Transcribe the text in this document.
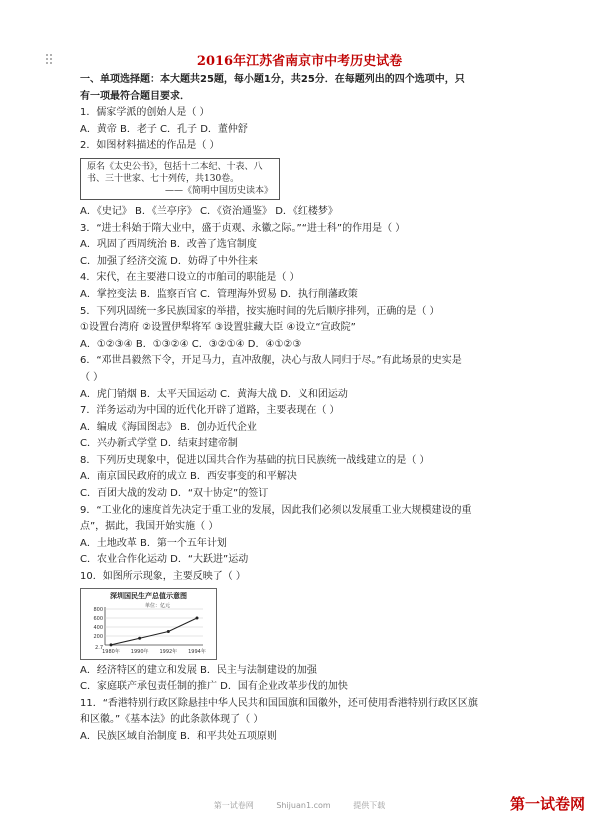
2016年江苏省南京市中考历史试卷
一、单项选择题：本大题共25题，每小题1分，共25分．在每题列出的四个选项中，只
有一项最符合题目要求．
1．儒家学派的创始人是（ ）
A．黄帝 B．老子 C．孔子 D．董仲舒
2．如图材料描述的作品是（ ）
原名《太史公书》，包括十二本纪、十表、八
书、三十世家、七十列传，共130卷。
——《简明中国历史读本》
A．《史记》 B．《兰亭序》 C．《资治通鉴》 D．《红楼梦》
3．“进士科始于隋大业中，盛于贞观、永徽之际。”“进士科”的作用是（ ）
A．巩固了西周统治 B．改善了选官制度
C．加强了经济交流 D．妨碍了中外往来
4．宋代，在主要港口设立的市舶司的职能是（ ）
A．掌控变法 B．监察百官 C．管理海外贸易 D．执行削藩政策
5．下列巩固统一多民族国家的举措，按实施时间的先后顺序排列，正确的是（ ）
①设置台湾府 ②设置伊犁将军 ③设置驻藏大臣 ④设立“宣政院”
A．①②③④ B．①③②④ C．③②①④ D．④①②③
6．“邓世昌毅然下令，开足马力，直冲敌舰，决心与敌人同归于尽。”有此场景的史实是
（ ）
A．虎门销烟 B．太平天国运动 C．黄海大战 D．义和团运动
7．洋务运动为中国的近代化开辟了道路，主要表现在（ ）
A．编成《海国图志》 B．创办近代企业
C．兴办新式学堂 D．结束封建帝制
8．下列历史现象中，促进以国共合作为基础的抗日民族统一战线建立的是（ ）
A．南京国民政府的成立 B．西安事变的和平解决
C．百团大战的发动 D．“双十协定”的签订
9．“工业化的速度首先决定于重工业的发展，因此我们必须以发展重工业大规模建设的重
点”，据此，我国开始实施（ ）
A．土地改革 B．第一个五年计划
C．农业合作化运动 D．“大跃进”运动
10．如图所示现象，主要反映了（ ）
深圳国民生产总值示意图
800
600
400
200
2.7
1980年 1990年 1992年 1994年
单位：亿元
A．经济特区的建立和发展 B．民主与法制建设的加强
C．家庭联产承包责任制的推广 D．国有企业改革步伐的加快
11．“香港特别行政区除悬挂中华人民共和国国旗和国徽外，还可使用香港特别行政区区旗
和区徽。”《基本法》的此条款体现了（ ）
A．民族区域自治制度 B．和平共处五项原则
第一试卷网	Shijuan1.com	提供下载	第一试卷网
